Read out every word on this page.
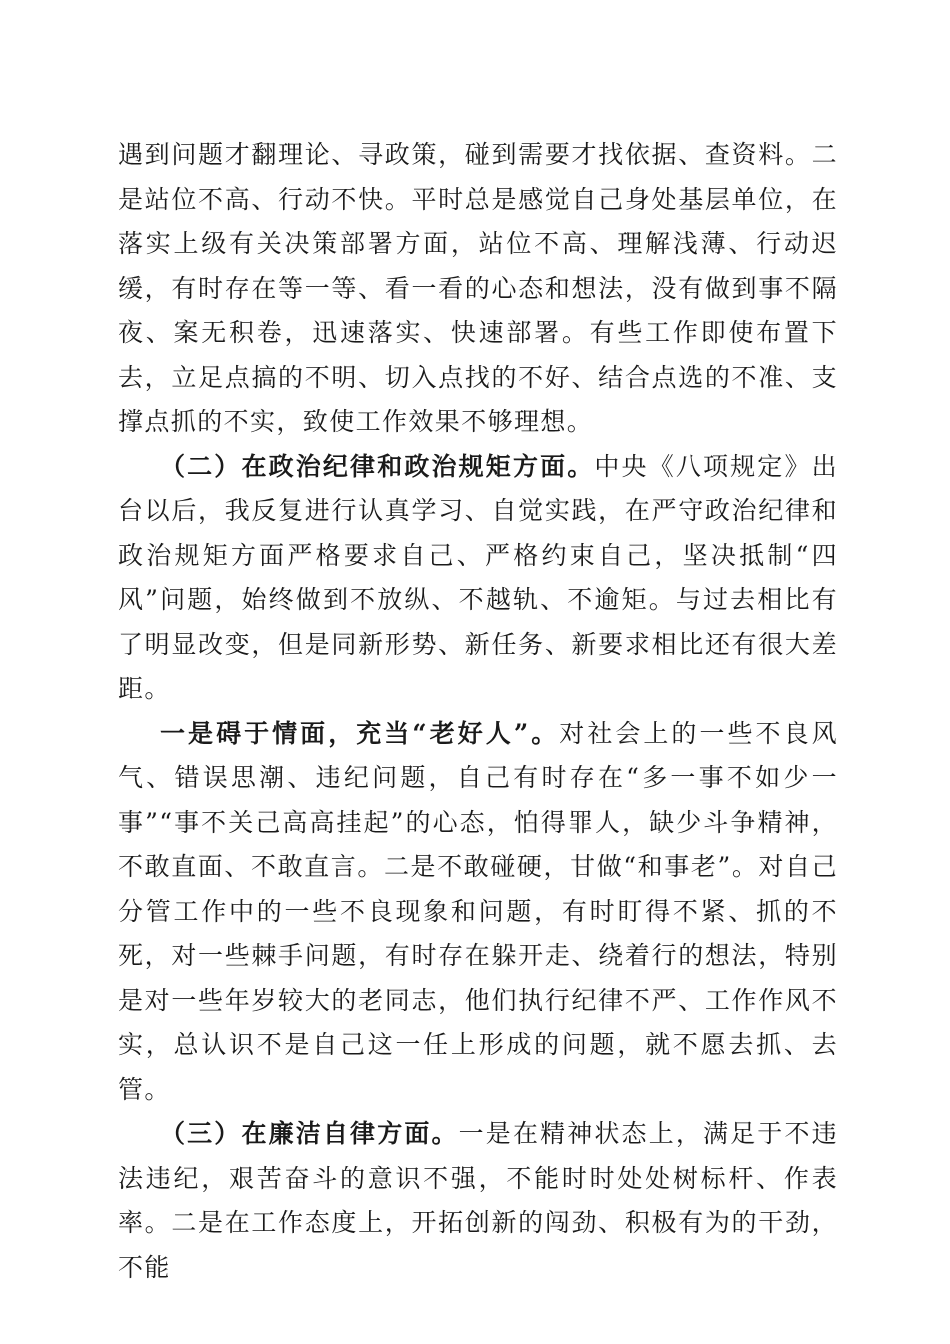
遇到问题才翻理论、寻政策，碰到需要才找依据、查资料。二是站位不高、行动不快。平时总是感觉自己身处基层单位，在落实上级有关决策部署方面，站位不高、理解浅薄、行动迟缓，有时存在等一等、看一看的心态和想法，没有做到事不隔夜、案无积卷，迅速落实、快速部署。有些工作即使布置下去，立足点搞的不明、切入点找的不好、结合点选的不准、支撑点抓的不实，致使工作效果不够理想。

（二）在政治纪律和政治规矩方面。中央《八项规定》出台以后，我反复进行认真学习、自觉实践，在严守政治纪律和政治规矩方面严格要求自己、严格约束自己，坚决抵制“四风”问题，始终做到不放纵、不越轨、不逾矩。与过去相比有了明显改变，但是同新形势、新任务、新要求相比还有很大差距。

一是碍于情面，充当“老好人”。对社会上的一些不良风气、错误思潮、违纪问题，自己有时存在“多一事不如少一事”“事不关己高高挂起”的心态，怕得罪人，缺少斗争精神，不敢直面、不敢直言。二是不敢碰硬，甘做“和事老”。对自己分管工作中的一些不良现象和问题，有时盯得不紧、抓的不死，对一些棘手问题，有时存在躲开走、绕着行的想法，特别是对一些年岁较大的老同志，他们执行纪律不严、工作作风不实，总认识不是自己这一任上形成的问题，就不愿去抓、去管。

（三）在廉洁自律方面。一是在精神状态上，满足于不违法违纪，艰苦奋斗的意识不强，不能时时处处树标杆、作表率。二是在工作态度上，开拓创新的闯劲、积极有为的干劲，不能
